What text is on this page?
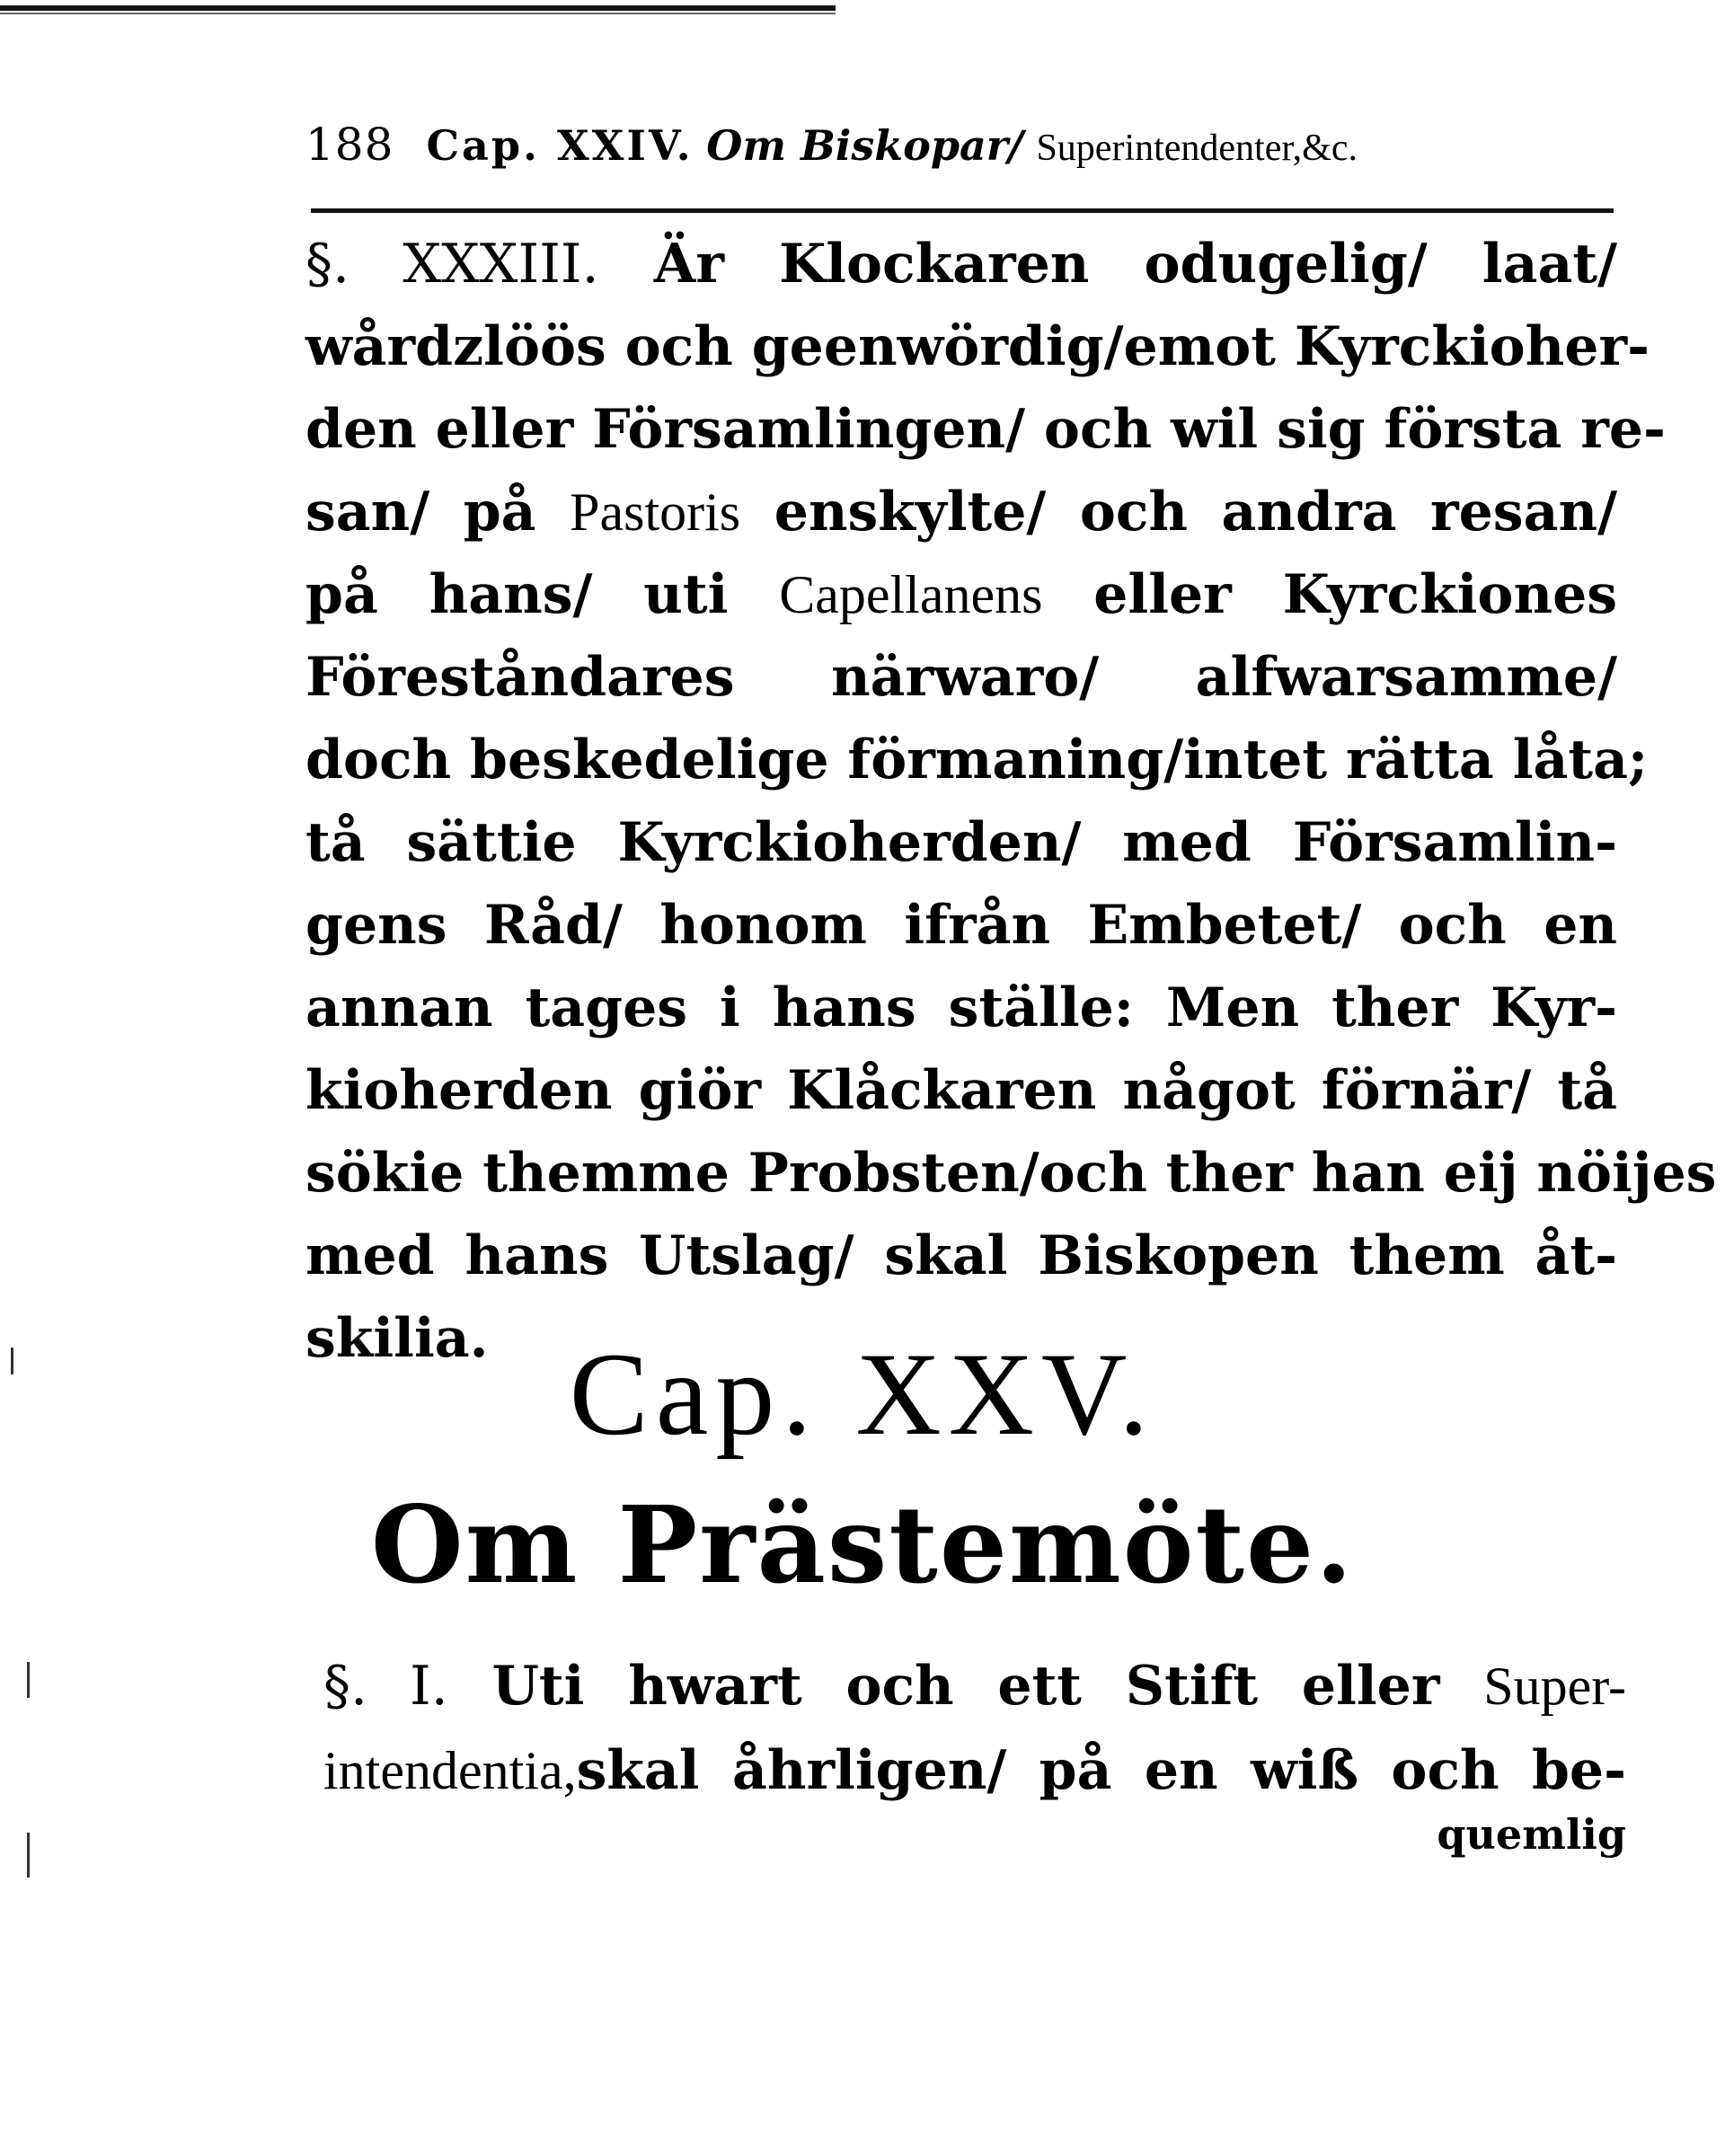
188 Cap. XXIV. Om Biskopar/ Superintendenter,&c.
§. XXXIII. Är Klockaren odugelig/ laat/
wårdzlöös och geenwördig/emot Kyrckioher-
den eller Församlingen/ och wil sig första re-
san/ på Pastoris enskylte/ och andra resan/
på hans/ uti Capellanens eller Kyrckiones
Föreståndares närwaro/ alfwarsamme/
doch beskedelige förmaning/intet rätta låta;
tå sättie Kyrckioherden/ med Församlin-
gens Råd/ honom ifrån Embetet/ och en
annan tages i hans ställe: Men ther Kyr-
kioherden giör Klåckaren något förnär/ tå
sökie themme Probsten/och ther han eij nöijes
med hans Utslag/ skal Biskopen them åt-
skilia. Cap. XXV.
Om Prästemöte.
§. I. Uti hwart och ett Stift eller Super-
intendentia,skal åhrligen/ på en wiß och be-
quemlig
